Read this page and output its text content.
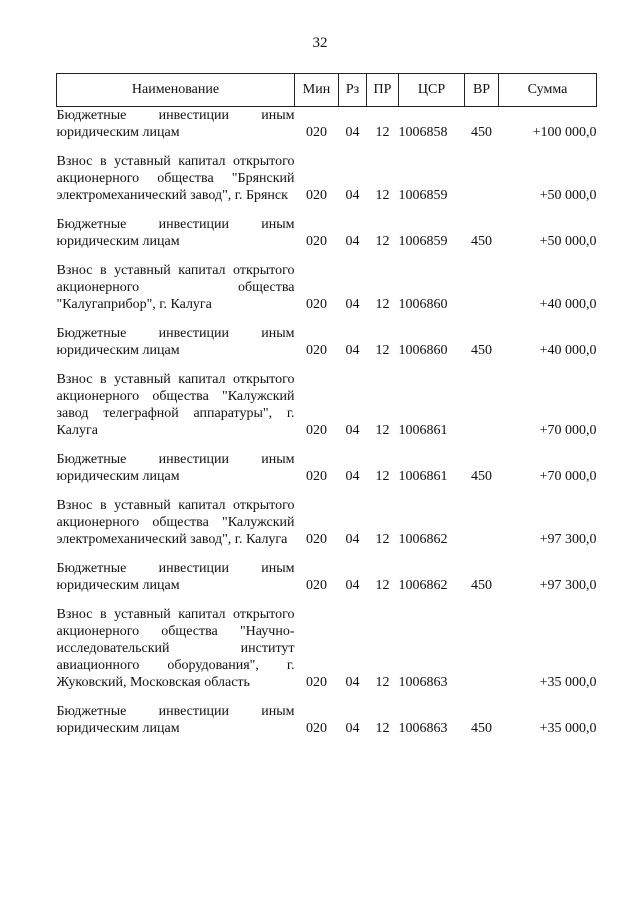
32
Наименование	Мин	Рз	ПР	ЦСР	ВР	Сумма
Бюджетные инвестиции иным юридическим лицам	020	04	12	1006858	450	+100 000,0
Взнос в уставный капитал открытого акционерного общества "Брянский электромеханический завод", г. Брянск	020	04	12	1006859		+50 000,0
Бюджетные инвестиции иным юридическим лицам	020	04	12	1006859	450	+50 000,0
Взнос в уставный капитал открытого акционерного общества "Калугаприбор", г. Калуга	020	04	12	1006860		+40 000,0
Бюджетные инвестиции иным юридическим лицам	020	04	12	1006860	450	+40 000,0
Взнос в уставный капитал открытого акционерного общества "Калужский завод телеграфной аппаратуры", г. Калуга	020	04	12	1006861		+70 000,0
Бюджетные инвестиции иным юридическим лицам	020	04	12	1006861	450	+70 000,0
Взнос в уставный капитал открытого акционерного общества "Калужский электромеханический завод", г. Калуга	020	04	12	1006862		+97 300,0
Бюджетные инвестиции иным юридическим лицам	020	04	12	1006862	450	+97 300,0
Взнос в уставный капитал открытого акционерного общества "Научно-исследовательский институт авиационного оборудования", г. Жуковский, Московская область	020	04	12	1006863		+35 000,0
Бюджетные инвестиции иным юридическим лицам	020	04	12	1006863	450	+35 000,0
